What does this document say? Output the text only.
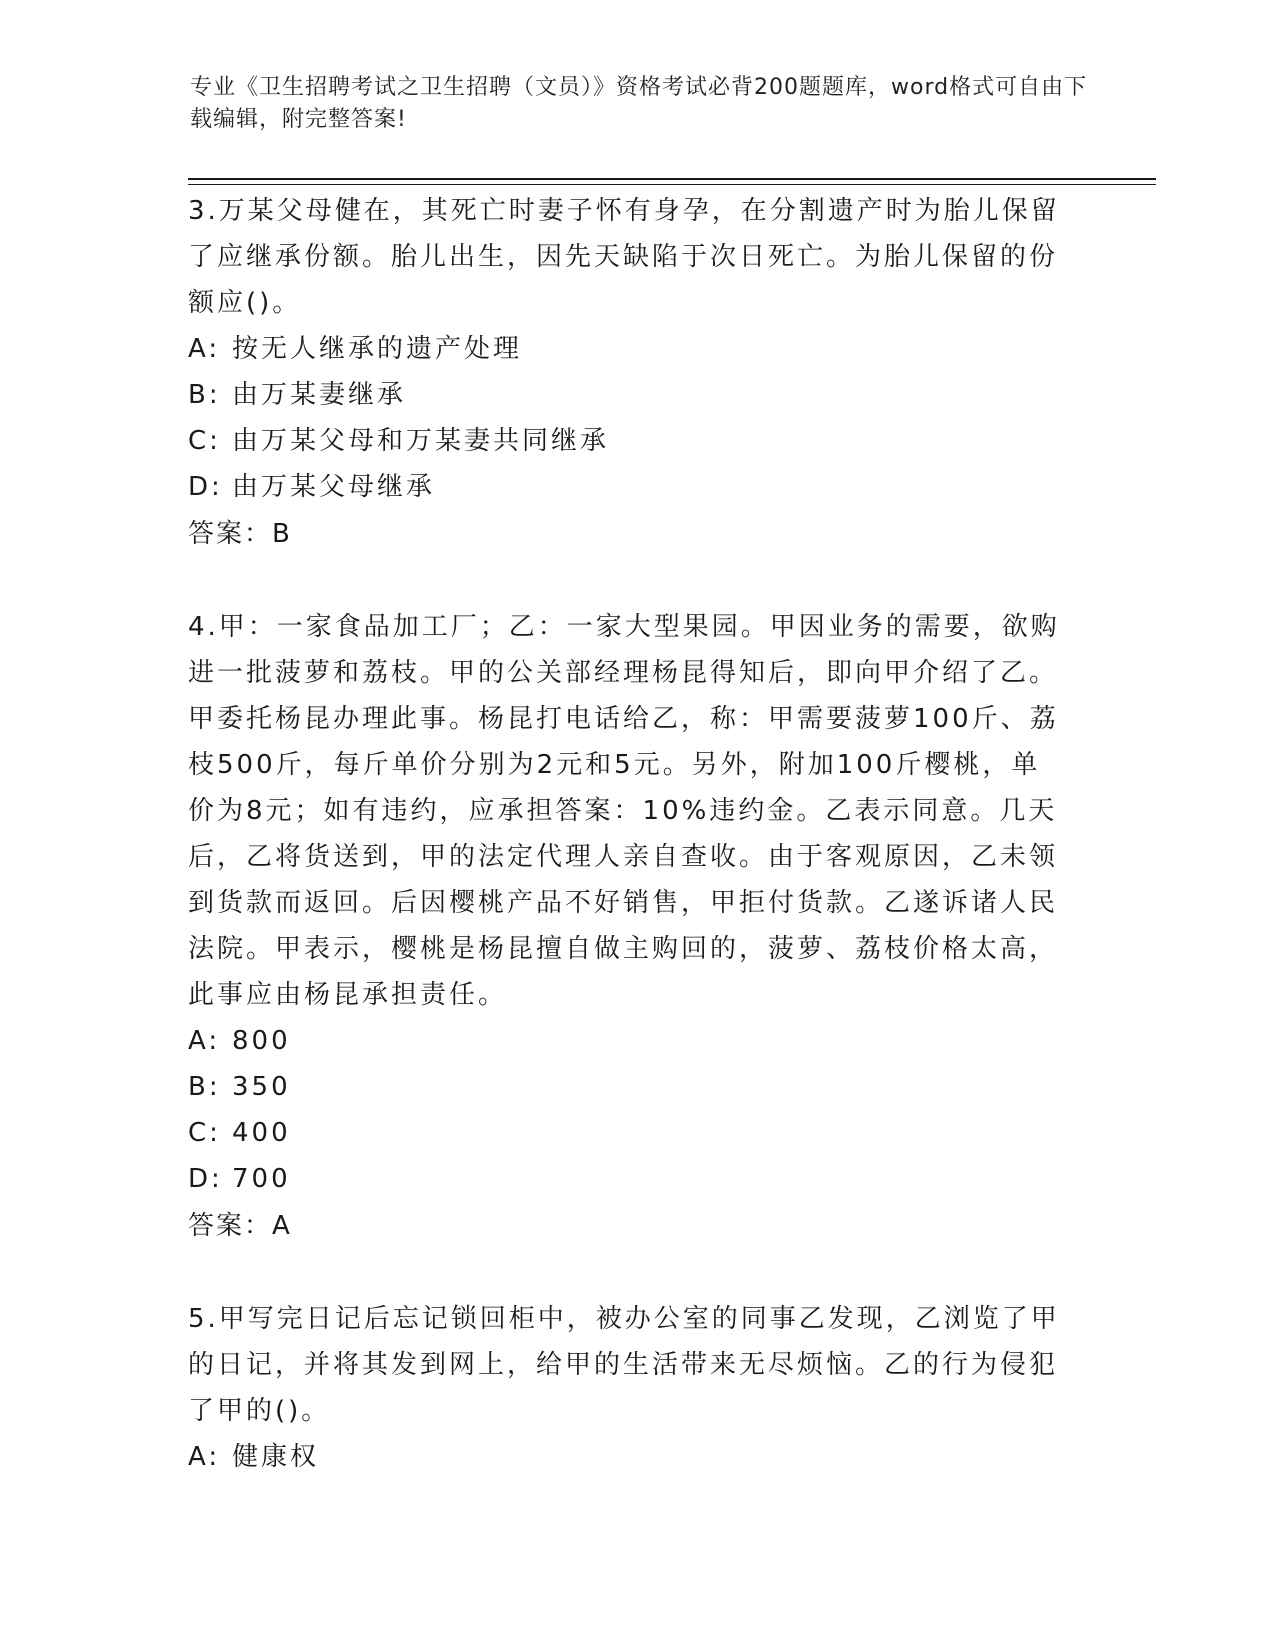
专业《卫生招聘考试之卫生招聘（文员）》资格考试必背200题题库，word格式可自由下载编辑，附完整答案!

3.万某父母健在，其死亡时妻子怀有身孕，在分割遗产时为胎儿保留了应继承份额。胎儿出生，因先天缺陷于次日死亡。为胎儿保留的份额应()。

A: 按无人继承的遗产处理

B: 由万某妻继承

C: 由万某父母和万某妻共同继承

D: 由万某父母继承

答案：B

4.甲：一家食品加工厂；乙：一家大型果园。甲因业务的需要，欲购进一批菠萝和荔枝。甲的公关部经理杨昆得知后，即向甲介绍了乙。甲委托杨昆办理此事。杨昆打电话给乙，称：甲需要菠萝100斤、荔枝500斤，每斤单价分别为2元和5元。另外，附加100斤樱桃，单价为8元；如有违约，应承担答案：10%违约金。乙表示同意。几天后，乙将货送到，甲的法定代理人亲自查收。由于客观原因，乙未领到货款而返回。后因樱桃产品不好销售，甲拒付货款。乙遂诉诸人民法院。甲表示，樱桃是杨昆擅自做主购回的，菠萝、荔枝价格太高，此事应由杨昆承担责任。

A: 800

B: 350

C: 400

D: 700

答案：A

5.甲写完日记后忘记锁回柜中，被办公室的同事乙发现，乙浏览了甲的日记，并将其发到网上，给甲的生活带来无尽烦恼。乙的行为侵犯了甲的()。

A: 健康权
